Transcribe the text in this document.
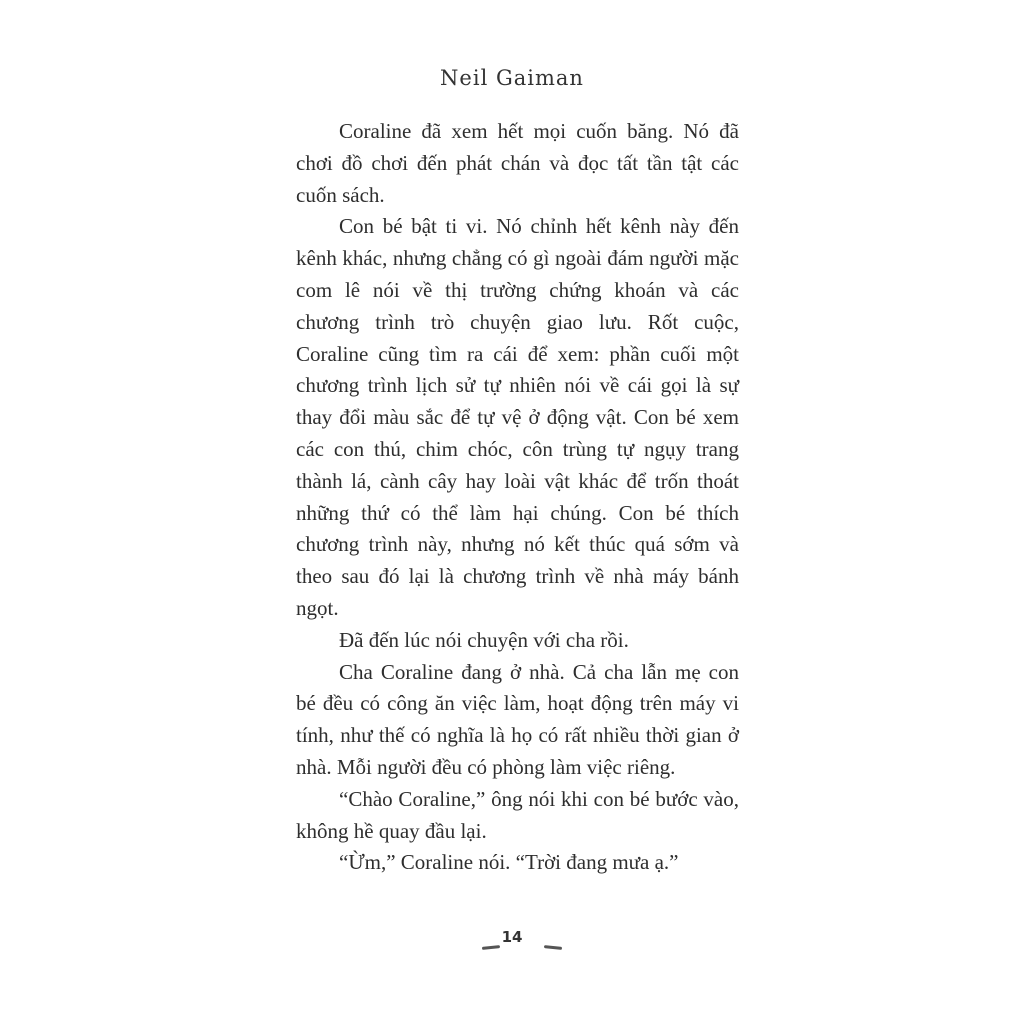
Neil Gaiman

Coraline đã xem hết mọi cuốn băng. Nó đã chơi đồ chơi đến phát chán và đọc tất tần tật các cuốn sách.

Con bé bật ti vi. Nó chỉnh hết kênh này đến kênh khác, nhưng chẳng có gì ngoài đám người mặc com lê nói về thị trường chứng khoán và các chương trình trò chuyện giao lưu. Rốt cuộc, Coraline cũng tìm ra cái để xem: phần cuối một chương trình lịch sử tự nhiên nói về cái gọi là sự thay đổi màu sắc để tự vệ ở động vật. Con bé xem các con thú, chim chóc, côn trùng tự ngụy trang thành lá, cành cây hay loài vật khác để trốn thoát những thứ có thể làm hại chúng. Con bé thích chương trình này, nhưng nó kết thúc quá sớm và theo sau đó lại là chương trình về nhà máy bánh ngọt.

Đã đến lúc nói chuyện với cha rồi.

Cha Coraline đang ở nhà. Cả cha lẫn mẹ con bé đều có công ăn việc làm, hoạt động trên máy vi tính, như thế có nghĩa là họ có rất nhiều thời gian ở nhà. Mỗi người đều có phòng làm việc riêng.

“Chào Coraline,” ông nói khi con bé bước vào, không hề quay đầu lại.

“Ừm,” Coraline nói. “Trời đang mưa ạ.”

14
